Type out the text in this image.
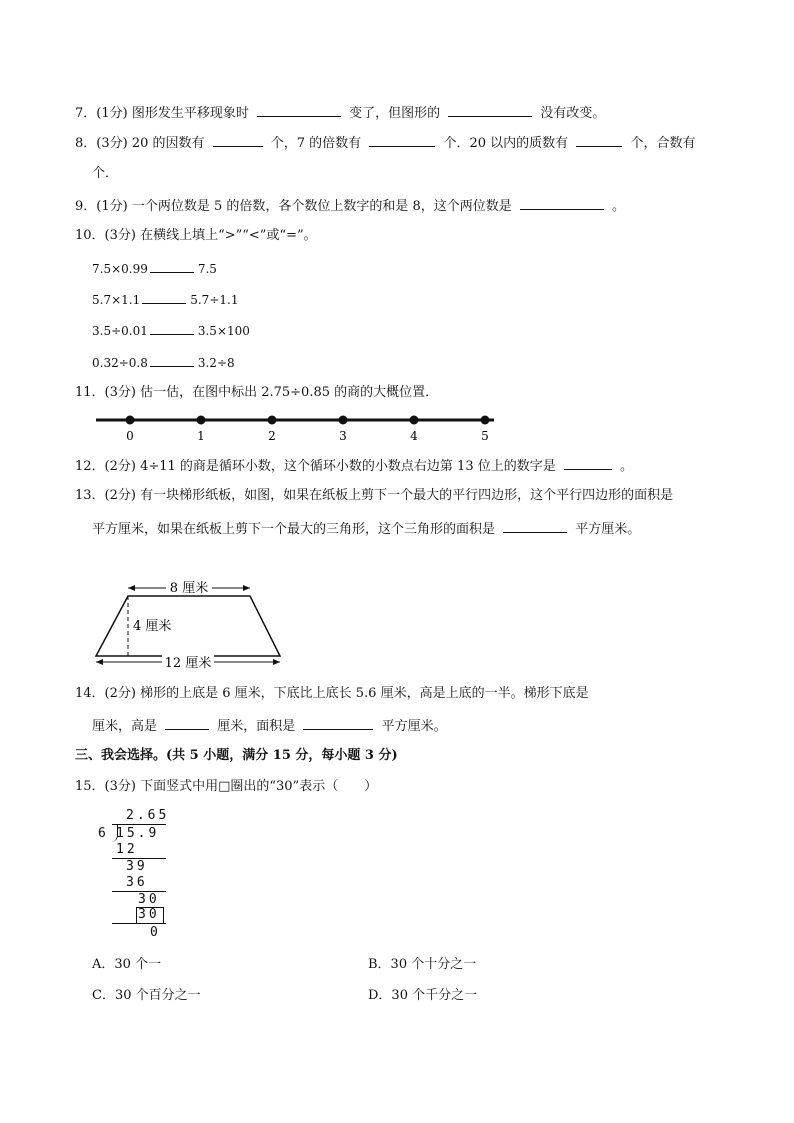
7．(1分) 图形发生平移现象时	变了，但图形的	没有改变。
8．(3分) 20 的因数有	个，7 的倍数有	个．20 以内的质数有	个，合数有
个．
9．(1分) 一个两位数是 5 的倍数，各个数位上数字的和是 8，这个两位数是	。
10．(3分) 在横线上填上“>”“<”或“=”。
7.5×0.99	7.5
5.7×1.1	5.7÷1.1
3.5÷0.01	3.5×100
0.32÷0.8	3.2÷8
11．(3分) 估一估，在图中标出 2.75÷0.85 的商的大概位置．
0	1	2	3	4	5
12．(2分) 4÷11 的商是循环小数，这个循环小数的小数点右边第 13 位上的数字是	。
13．(2分) 有一块梯形纸板，如图，如果在纸板上剪下一个最大的平行四边形，这个平行四边形的面积是
平方厘米，如果在纸板上剪下一个最大的三角形，这个三角形的面积是	平方厘米。
8 厘米
4 厘米
12 厘米
14．(2分) 梯形的上底是 6 厘米，下底比上底长 5.6 厘米，高是上底的一半。梯形下底是
厘米，高是	厘米，面积是	平方厘米。
三、我会选择。(共 5 小题，满分 15 分，每小题 3 分)
15．(3分) 下面竖式中用□圈出的“30”表示（　　）
2.65
6 15.9
12
39
36
30
30
0
A．30 个一	B．30 个十分之一
C．30 个百分之一	D．30 个千分之一
